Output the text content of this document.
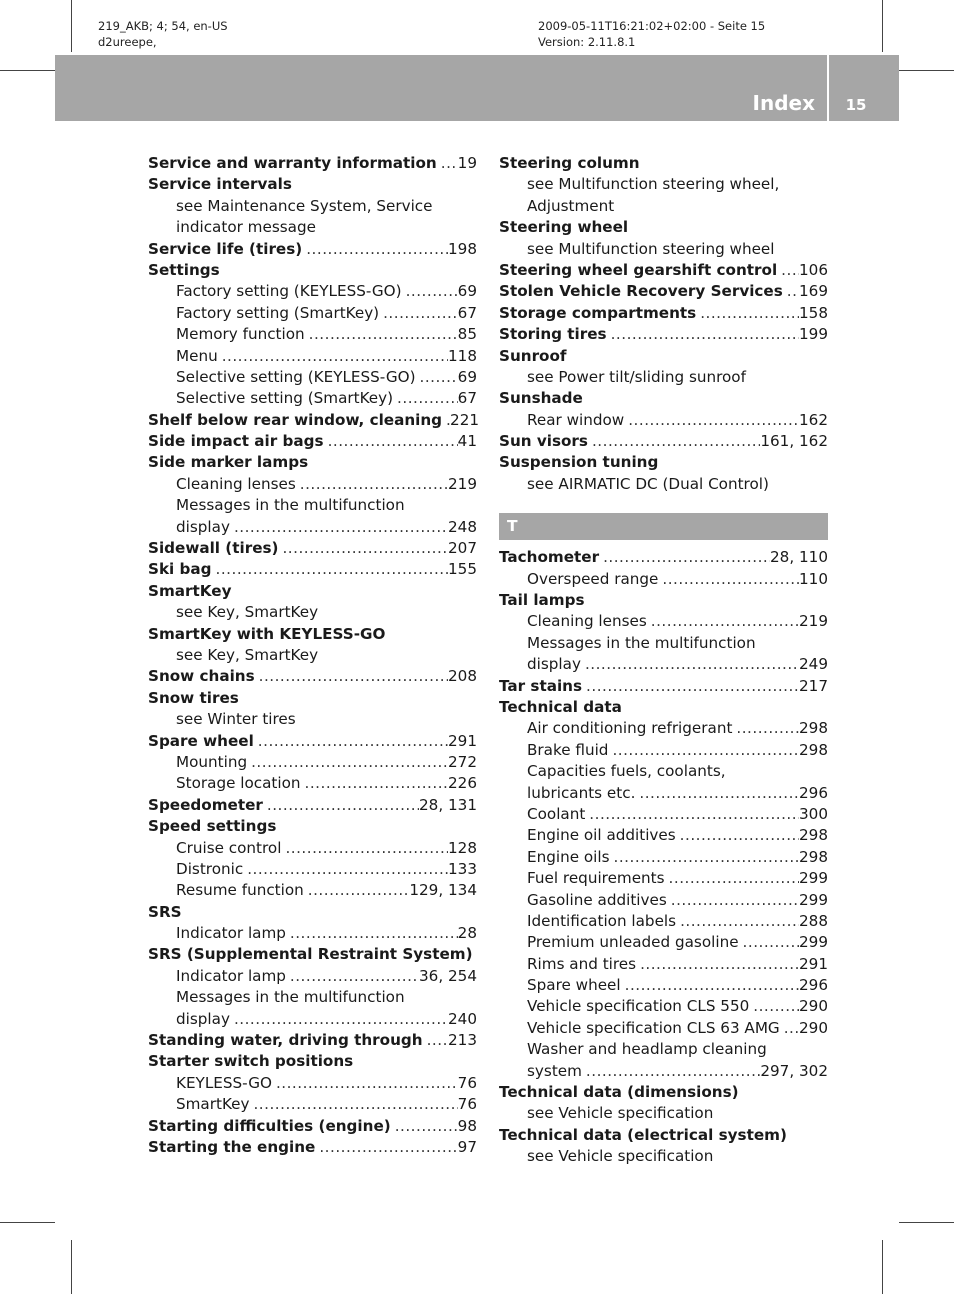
219_AKB; 4; 54, en-US
d2ureepe,
2009-05-11T16:21:02+02:00 - Seite 15
Version: 2.11.8.1
Index	15
Service and warranty information ..... 19
Service intervals
see Maintenance System, Service
indicator message
Service life (tires) .....	198
Settings
Factory setting (KEYLESS-GO) .....	69
Factory setting (SmartKey) .....	67
Memory function .....	85
Menu .....	118
Selective setting (KEYLESS-GO) .....	69
Selective setting (SmartKey) .....	67
Shelf below rear window, cleaning ..... 221
Side impact air bags .....	41
Side marker lamps
Cleaning lenses .....	219
Messages in the multifunction
display .....	248
Sidewall (tires) .....	207
Ski bag .....	155
SmartKey
see Key, SmartKey
SmartKey with KEYLESS-GO
see Key, SmartKey
Snow chains .....	208
Snow tires
see Winter tires
Spare wheel .....	291
Mounting .....	272
Storage location .....	226
Speedometer .....	28, 131
Speed settings
Cruise control .....	128
Distronic .....	133
Resume function .....	129, 134
SRS
Indicator lamp .....	28
SRS (Supplemental Restraint System)
Indicator lamp .....	36, 254
Messages in the multifunction
display .....	240
Standing water, driving through ..... 213
Starter switch positions
KEYLESS-GO .....	76
SmartKey .....	76
Starting difficulties (engine) .....	98
Starting the engine .....	97
Steering column
see Multifunction steering wheel,
Adjustment
Steering wheel
see Multifunction steering wheel
Steering wheel gearshift control ..... 106
Stolen Vehicle Recovery Services ..... 169
Storage compartments .....	158
Storing tires .....	199
Sunroof
see Power tilt/sliding sunroof
Sunshade
Rear window .....	162
Sun visors .....	161, 162
Suspension tuning
see AIRMATIC DC (Dual Control)
T
Tachometer .....	28, 110
Overspeed range .....	110
Tail lamps
Cleaning lenses .....	219
Messages in the multifunction
display .....	249
Tar stains .....	217
Technical data
Air conditioning refrigerant .....	298
Brake fluid .....	298
Capacities fuels, coolants,
lubricants etc. .....	296
Coolant .....	300
Engine oil additives .....	298
Engine oils .....	298
Fuel requirements .....	299
Gasoline additives .....	299
Identification labels .....	288
Premium unleaded gasoline .....	299
Rims and tires .....	291
Spare wheel .....	296
Vehicle specification CLS 550 .....	290
Vehicle specification CLS 63 AMG ..... 290
Washer and headlamp cleaning
system .....	297, 302
Technical data (dimensions)
see Vehicle specification
Technical data (electrical system)
see Vehicle specification
